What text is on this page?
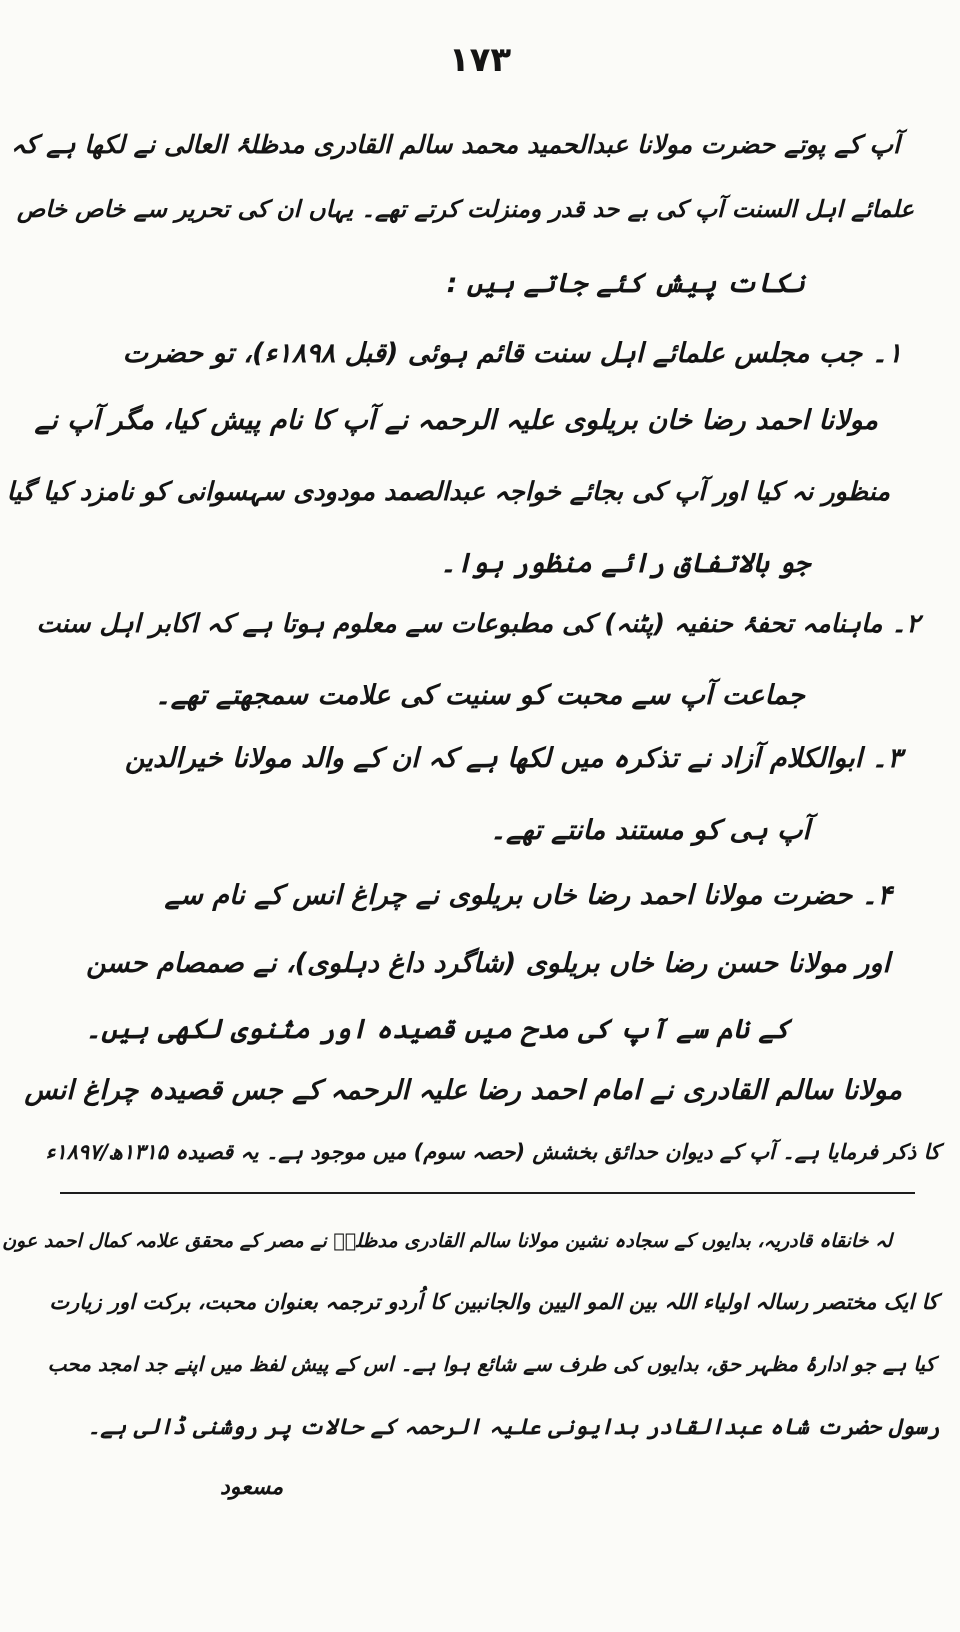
۱۷۳
آپ کے پوتے حضرت مولانا عبدالحمید محمد سالم القادری مدظلۂ العالی نے لکھا ہے کہ
علمائے اہل السنت آپ کی بے حد قدر ومنزلت کرتے تھے۔ یہاں ان کی تحریر سے خاص خاص
نکات پیش کئے جاتے ہیں :
۱۔ جب مجلس علمائے اہل سنت قائم ہوئی (قبل ۱۸۹۸ء)، تو حضرت
مولانا احمد رضا خان بریلوی علیہ الرحمہ نے آپ کا نام پیش کیا، مگر آپ نے
منظور نہ کیا اور آپ کی بجائے خواجہ عبدالصمد مودودی سہسوانی کو نامزد کیا گیا
جو بالاتفاق رائے منظور ہوا۔
۲۔ ماہنامہ تحفۂ حنفیہ (پٹنہ) کی مطبوعات سے معلوم ہوتا ہے کہ اکابر اہل سنت
جماعت آپ سے محبت کو سنیت کی علامت سمجھتے تھے۔
۳۔ ابوالکلام آزاد نے تذکرہ میں لکھا ہے کہ ان کے والد مولانا خیرالدین
آپ ہی کو مستند مانتے تھے۔
۴۔ حضرت مولانا احمد رضا خاں بریلوی نے چراغ انس کے نام سے
اور مولانا حسن رضا خاں بریلوی (شاگرد داغ دہلوی)، نے صمصام حسن
کے نام سے آپ کی مدح میں قصیدہ اور مثنوی لکھی ہیں۔
مولانا سالم القادری نے امام احمد رضا علیہ الرحمہ کے جس قصیدہ چراغ انس
کا ذکر فرمایا ہے۔ آپ کے دیوان حدائق بخشش (حصہ سوم) میں موجود ہے۔ یہ قصیدہ ۱۳۱۵ھ/۱۸۹۷ء
لہ خانقاہ قادریہ، بدایوں کے سجادہ نشین مولانا سالم القادری مدظلہٗ نے مصر کے محقق علامہ کمال احمد عون
کا ایک مختصر رسالہ اولیاء اللہ بین المو الیین والجانبین کا اُردو ترجمہ بعنوان محبت، برکت اور زیارت
کیا ہے جو ادارۂ مظہر حق، بدایوں کی طرف سے شائع ہوا ہے۔ اس کے پیش لفظ میں اپنے جد امجد محب
رسول حضرت شاہ عبدالقادر بدایونی علیہ الرحمہ کے حالات پر روشنی ڈالی ہے۔
مسعود
